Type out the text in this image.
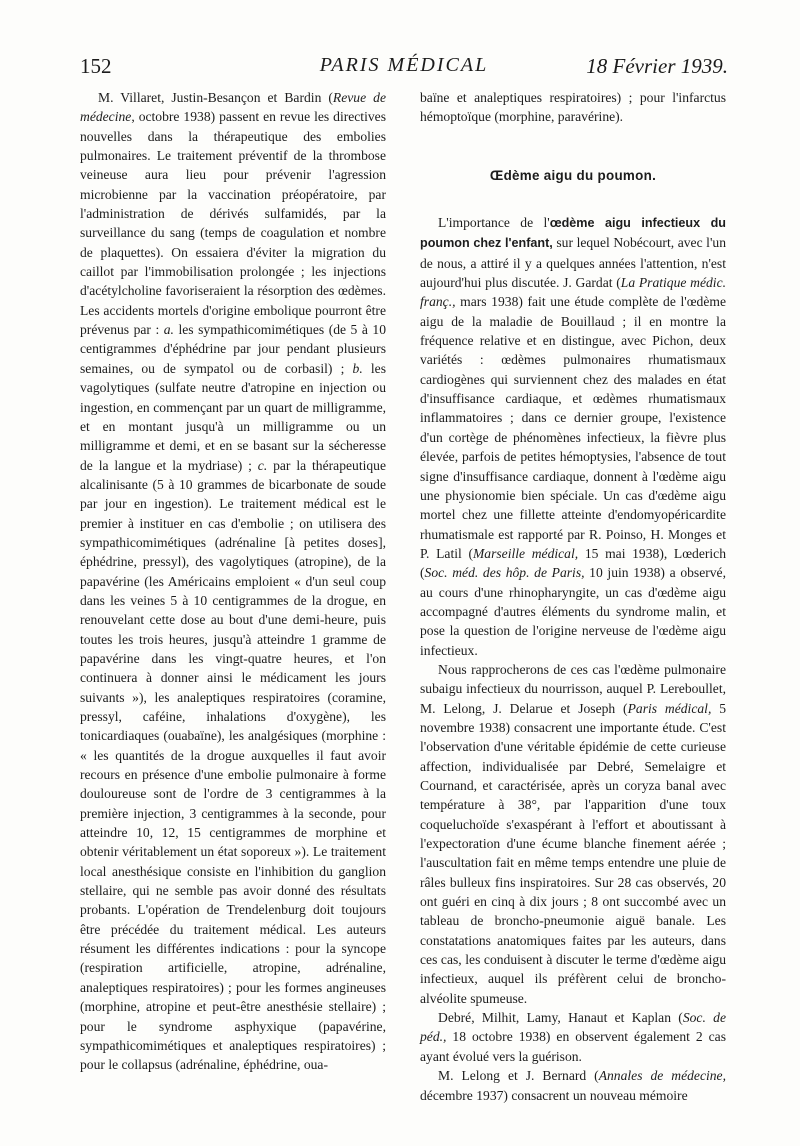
152	PARIS MÉDICAL	18 Février 1939.

M. Villaret, Justin-Besançon et Bardin (Revue de médecine, octobre 1938) passent en revue les directives nouvelles dans la thérapeutique des embolies pulmonaires. Le traitement préventif de la thrombose veineuse aura lieu pour prévenir l'agression microbienne par la vaccination préopératoire, par l'administration de dérivés sulfamidés, par la surveillance du sang (temps de coagulation et nombre de plaquettes). On essaiera d'éviter la migration du caillot par l'immobilisation prolongée ; les injections d'acétylcholine favoriseraient la résorption des œdèmes. Les accidents mortels d'origine embolique pourront être prévenus par : a. les sympathicomimétiques (de 5 à 10 centigrammes d'éphédrine par jour pendant plusieurs semaines, ou de sympatol ou de corbasil) ; b. les vagolytiques (sulfate neutre d'atropine en injection ou ingestion, en commençant par un quart de milligramme, et en montant jusqu'à un milligramme ou un milligramme et demi, et en se basant sur la sécheresse de la langue et la mydriase) ; c. par la thérapeutique alcalinisante (5 à 10 grammes de bicarbonate de soude par jour en ingestion). Le traitement médical est le premier à instituer en cas d'embolie ; on utilisera des sympathicomimétiques (adrénaline [à petites doses], éphédrine, pressyl), des vagolytiques (atropine), de la papavérine (les Américains emploient « d'un seul coup dans les veines 5 à 10 centigrammes de la drogue, en renouvelant cette dose au bout d'une demi-heure, puis toutes les trois heures, jusqu'à atteindre 1 gramme de papavérine dans les vingt-quatre heures, et l'on continuera à donner ainsi le médicament les jours suivants »), les analeptiques respiratoires (coramine, pressyl, caféine, inhalations d'oxygène), les tonicardiaques (ouabaïne), les analgésiques (morphine : « les quantités de la drogue auxquelles il faut avoir recours en présence d'une embolie pulmonaire à forme douloureuse sont de l'ordre de 3 centigrammes à la première injection, 3 centigrammes à la seconde, pour atteindre 10, 12, 15 centigrammes de morphine et obtenir véritablement un état soporeux »). Le traitement local anesthésique consiste en l'inhibition du ganglion stellaire, qui ne semble pas avoir donné des résultats probants. L'opération de Trendelenburg doit toujours être précédée du traitement médical. Les auteurs résument les différentes indications : pour la syncope (respiration artificielle, atropine, adrénaline, analeptiques respiratoires) ; pour les formes angineuses (morphine, atropine et peut-être anesthésie stellaire) ; pour le syndrome asphyxique (papavérine, sympathicomimétiques et analeptiques respiratoires) ; pour le collapsus (adrénaline, éphédrine, oua-

baïne et analeptiques respiratoires) ; pour l'infarctus hémoptoïque (morphine, paravérine).

Œdème aigu du poumon.

L'importance de l'œdème aigu infectieux du poumon chez l'enfant, sur lequel Nobécourt, avec l'un de nous, a attiré il y a quelques années l'attention, n'est aujourd'hui plus discutée. J. Gardat (La Pratique médic. franç., mars 1938) fait une étude complète de l'œdème aigu de la maladie de Bouillaud ; il en montre la fréquence relative et en distingue, avec Pichon, deux variétés : œdèmes pulmonaires rhumatismaux cardiogènes qui surviennent chez des malades en état d'insuffisance cardiaque, et œdèmes rhumatismaux inflammatoires ; dans ce dernier groupe, l'existence d'un cortège de phénomènes infectieux, la fièvre plus élevée, parfois de petites hémoptysies, l'absence de tout signe d'insuffisance cardiaque, donnent à l'œdème aigu une physionomie bien spéciale. Un cas d'œdème aigu mortel chez une fillette atteinte d'endomyopéricardite rhumatismale est rapporté par R. Poinso, H. Monges et P. Latil (Marseille médical, 15 mai 1938), Lœderich (Soc. méd. des hôp. de Paris, 10 juin 1938) a observé, au cours d'une rhinopharyngite, un cas d'œdème aigu accompagné d'autres éléments du syndrome malin, et pose la question de l'origine nerveuse de l'œdème aigu infectieux.

Nous rapprocherons de ces cas l'œdème pulmonaire subaigu infectieux du nourrisson, auquel P. Lereboullet, M. Lelong, J. Delarue et Joseph (Paris médical, 5 novembre 1938) consacrent une importante étude. C'est l'observation d'une véritable épidémie de cette curieuse affection, individualisée par Debré, Semelaigre et Cournand, et caractérisée, après un coryza banal avec température à 38°, par l'apparition d'une toux coqueluchoïde s'exaspérant à l'effort et aboutissant à l'expectoration d'une écume blanche finement aérée ; l'auscultation fait en même temps entendre une pluie de râles bulleux fins inspiratoires. Sur 28 cas observés, 20 ont guéri en cinq à dix jours ; 8 ont succombé avec un tableau de broncho-pneumonie aiguë banale. Les constatations anatomiques faites par les auteurs, dans ces cas, les conduisent à discuter le terme d'œdème aigu infectieux, auquel ils préfèrent celui de broncho-alvéolite spumeuse.

Debré, Milhit, Lamy, Hanaut et Kaplan (Soc. de péd., 18 octobre 1938) en observent également 2 cas ayant évolué vers la guérison.

M. Lelong et J. Bernard (Annales de médecine, décembre 1937) consacrent un nouveau mémoire
